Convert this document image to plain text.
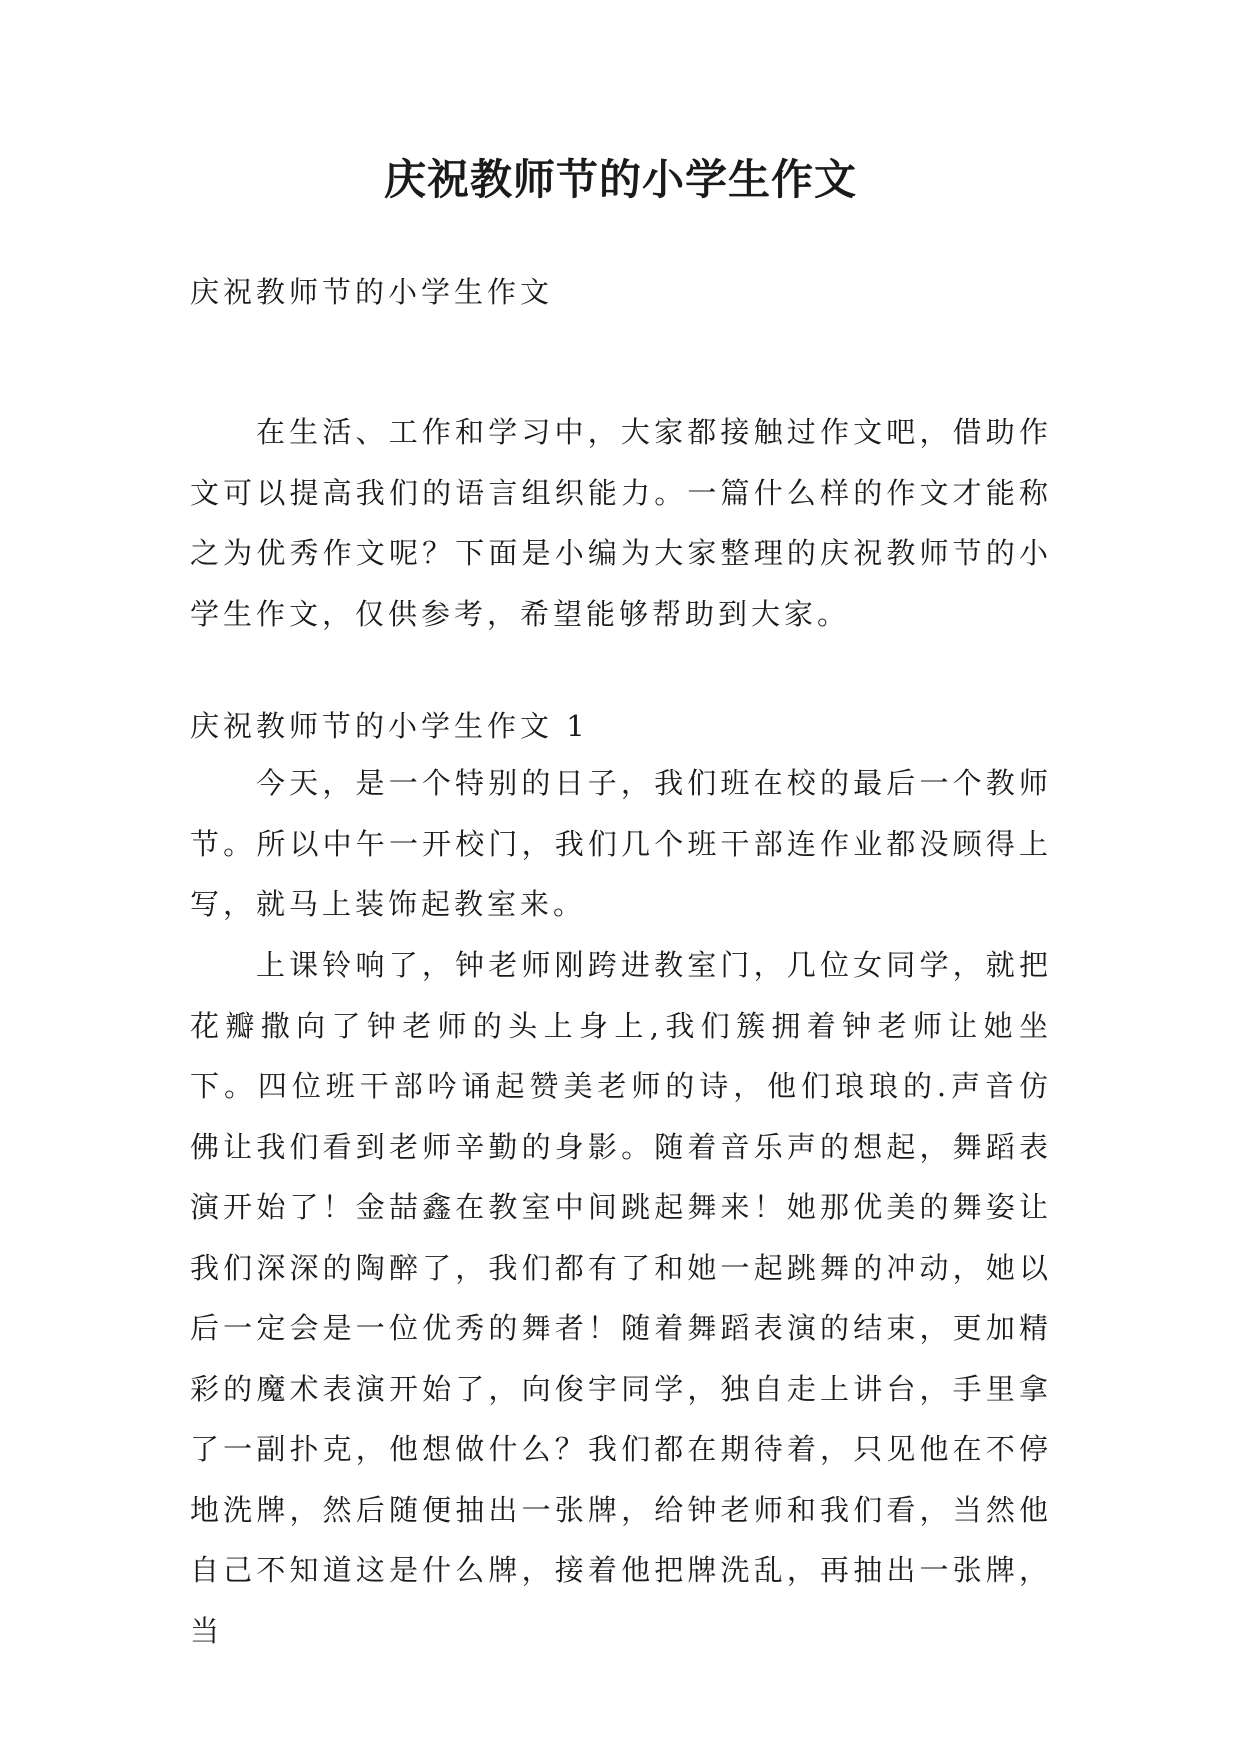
庆祝教师节的小学生作文

庆祝教师节的小学生作文

在生活、工作和学习中，大家都接触过作文吧，借助作文可以提高我们的语言组织能力。一篇什么样的作文才能称之为优秀作文呢？下面是小编为大家整理的庆祝教师节的小学生作文，仅供参考，希望能够帮助到大家。

庆祝教师节的小学生作文 1

今天，是一个特别的日子，我们班在校的最后一个教师节。所以中午一开校门，我们几个班干部连作业都没顾得上写，就马上装饰起教室来。

上课铃响了，钟老师刚跨进教室门，几位女同学，就把花瓣撒向了钟老师的头上身上,我们簇拥着钟老师让她坐下。四位班干部吟诵起赞美老师的诗，他们琅琅的.声音仿佛让我们看到老师辛勤的身影。随着音乐声的想起，舞蹈表演开始了！金喆鑫在教室中间跳起舞来！她那优美的舞姿让我们深深的陶醉了，我们都有了和她一起跳舞的冲动，她以后一定会是一位优秀的舞者！随着舞蹈表演的结束，更加精彩的魔术表演开始了，向俊宇同学，独自走上讲台，手里拿了一副扑克，他想做什么？我们都在期待着，只见他在不停地洗牌，然后随便抽出一张牌，给钟老师和我们看，当然他自己不知道这是什么牌，接着他把牌洗乱，再抽出一张牌，当
